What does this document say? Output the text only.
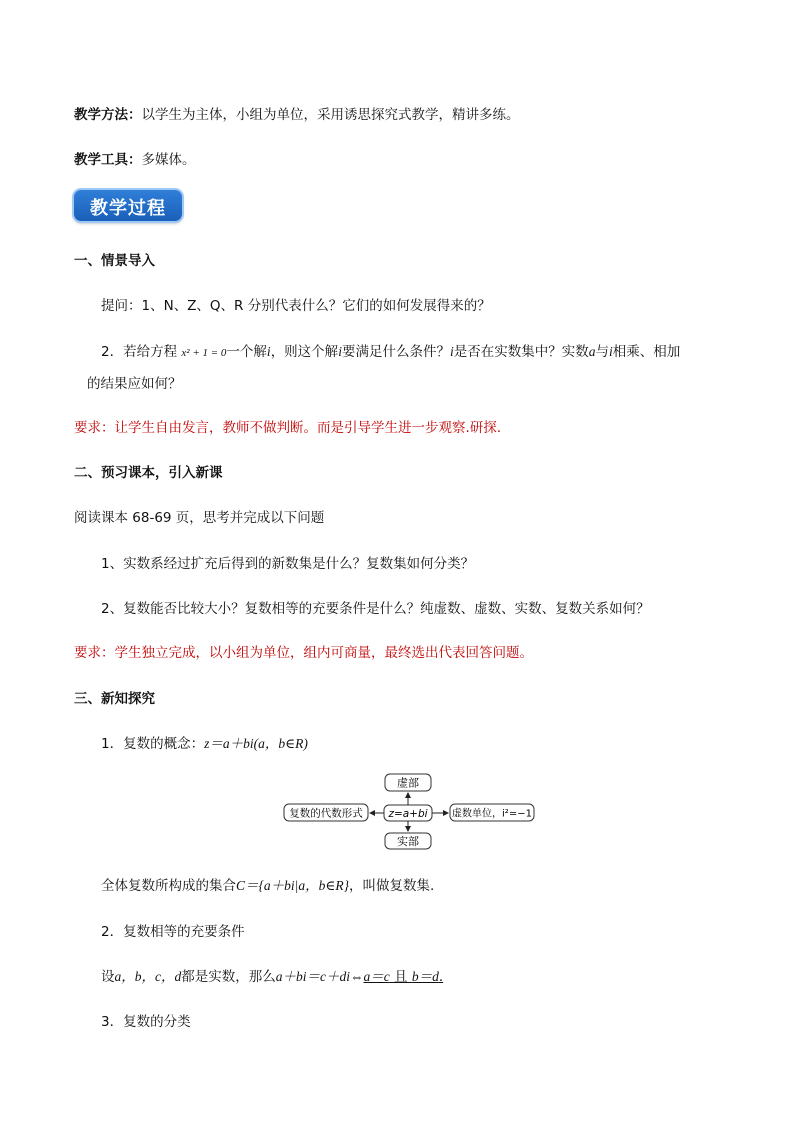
教学方法：以学生为主体，小组为单位，采用诱思探究式教学，精讲多练。
教学工具：多媒体。
教学过程
一、情景导入
提问：1、N、Z、Q、R 分别代表什么？它们的如何发展得来的？
2．若给方程 x² + 1 = 0一个解i，则这个解i要满足什么条件？i是否在实数集中？实数a与i相乘、相加
的结果应如何？
要求：让学生自由发言，教师不做判断。而是引导学生进一步观察.研探.
二、预习课本，引入新课
阅读课本 68-69 页，思考并完成以下问题
1、实数系经过扩充后得到的新数集是什么？复数集如何分类？
2、复数能否比较大小？复数相等的充要条件是什么？纯虚数、虚数、实数、复数关系如何？
要求：学生独立完成，以小组为单位，组内可商量，最终选出代表回答问题。
三、新知探究
1．复数的概念：z＝a＋bi(a，b∈R)
虚部
z=a+bi
复数的代数形式	虚数单位，i²=−1
实部
全体复数所构成的集合C＝{a＋bi|a，b∈R}，叫做复数集.
2．复数相等的充要条件
设a，b，c，d都是实数，那么a＋bi＝c＋di⇔a＝c 且 b＝d.
3．复数的分类
